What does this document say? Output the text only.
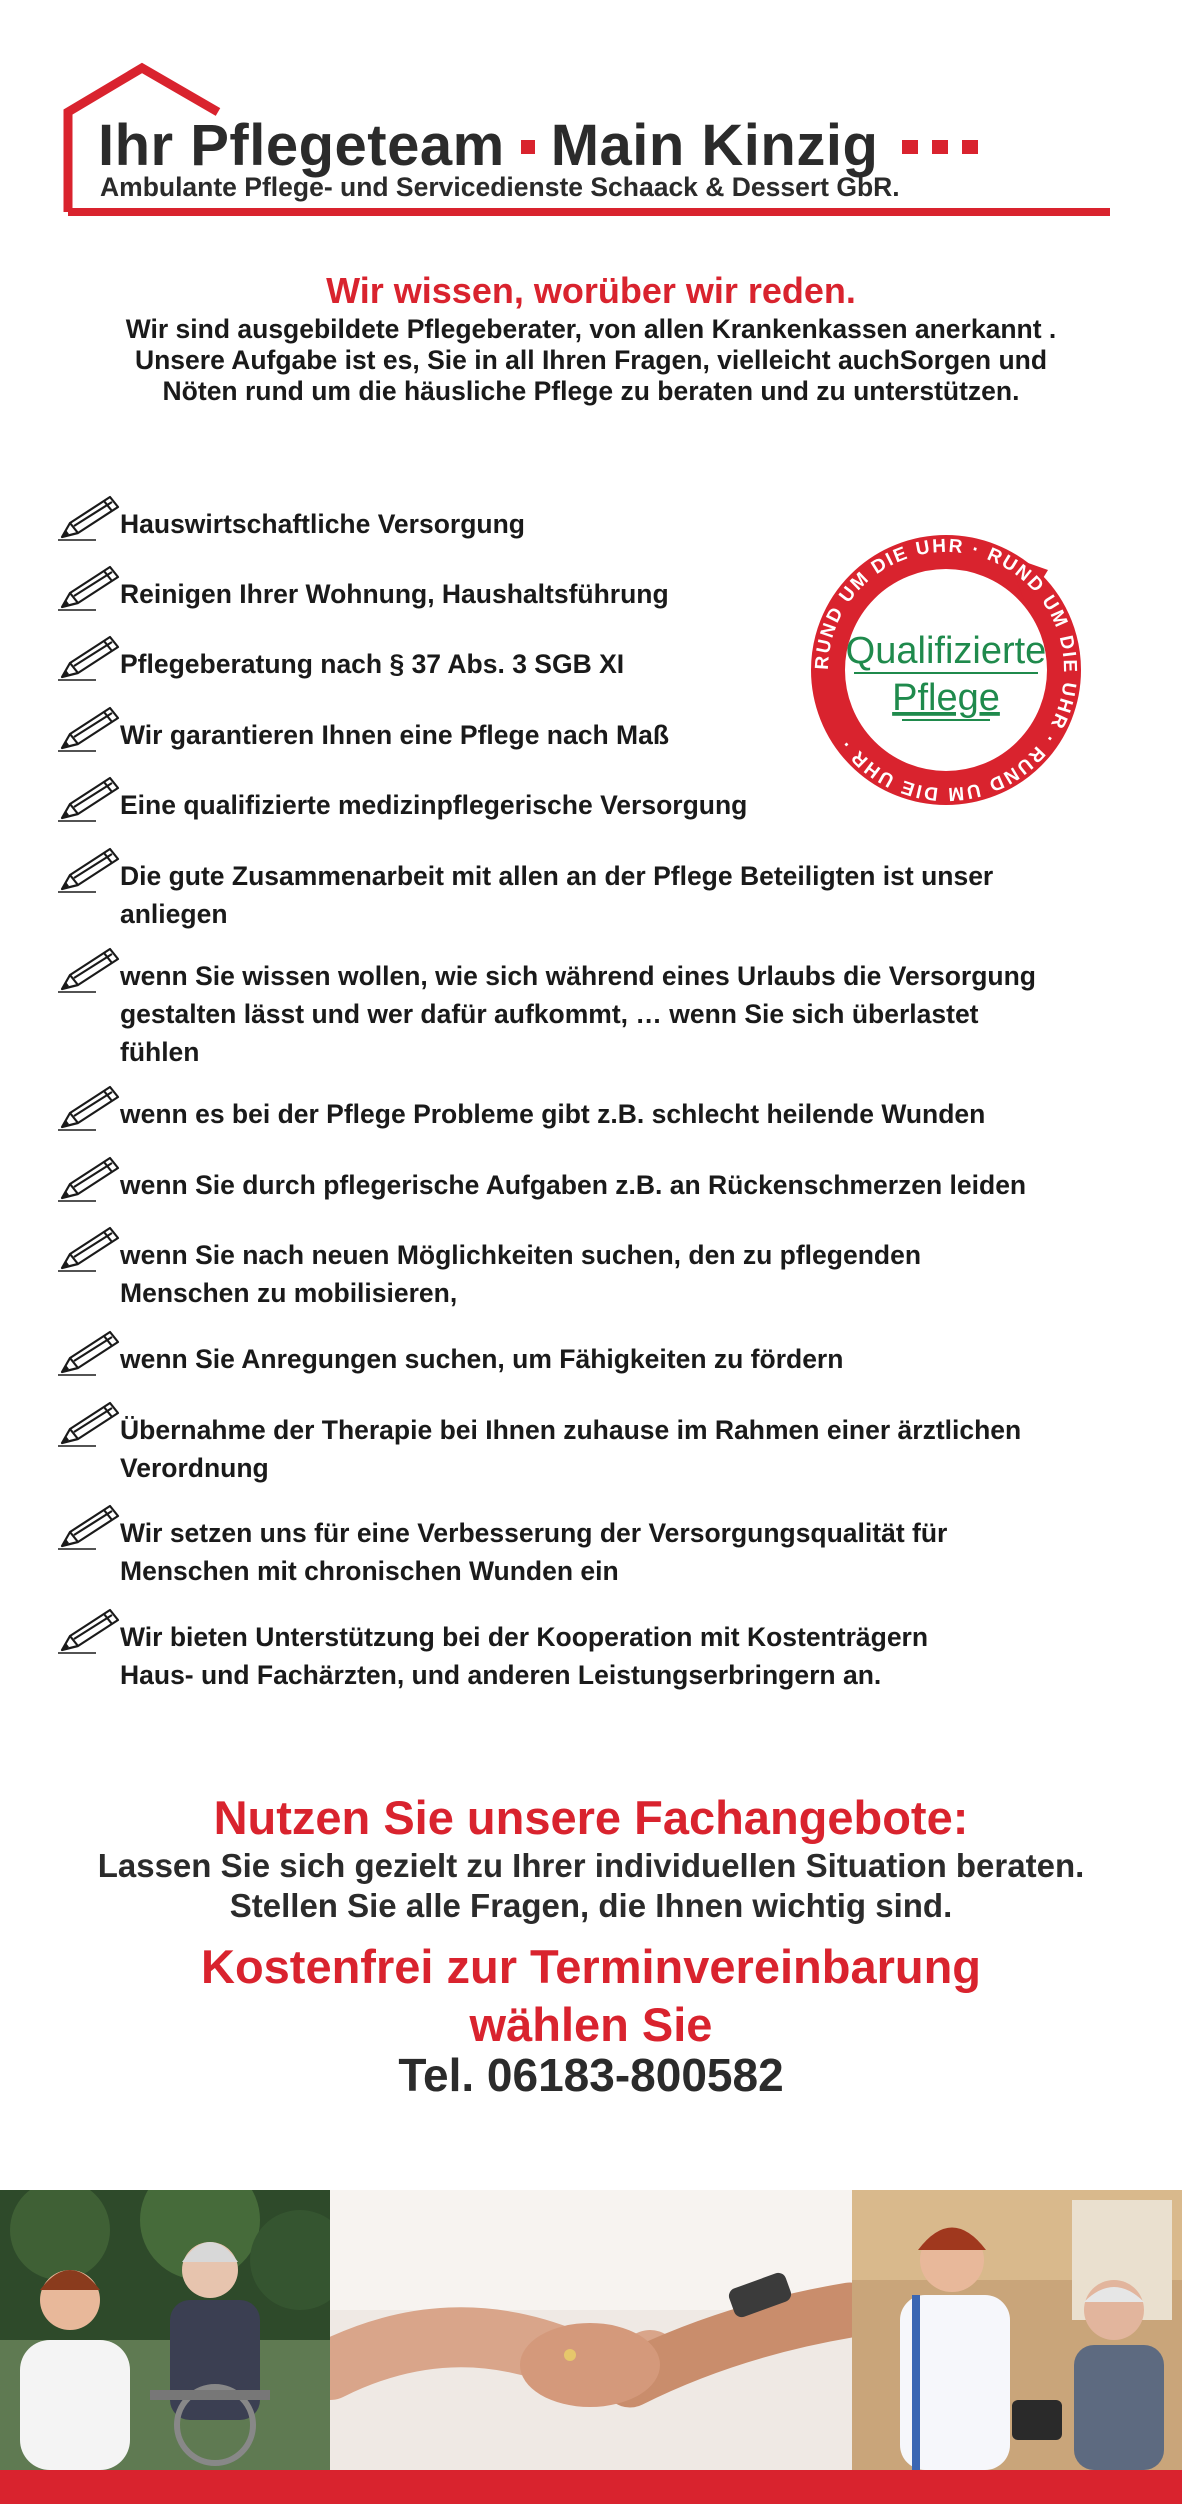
Ihr Pflegeteam Main Kinzig
Ambulante Pflege- und Servicedienste Schaack & Dessert GbR.
Wir wissen, worüber wir reden.
Wir sind ausgebildete Pflegeberater, von allen Krankenkassen anerkannt .
Unsere Aufgabe ist es, Sie in all Ihren Fragen, vielleicht auchSorgen und
Nöten rund um die häusliche Pflege zu beraten und zu unterstützen.
Hauswirtschaftliche Versorgung
Reinigen Ihrer Wohnung, Haushaltsführung
Pflegeberatung nach § 37 Abs. 3 SGB XI
Wir garantieren Ihnen eine Pflege nach Maß
Eine qualifizierte medizinpflegerische Versorgung
Die gute Zusammenarbeit mit allen an der Pflege Beteiligten ist unser
anliegen
wenn Sie wissen wollen, wie sich während eines Urlaubs die Versorgung
gestalten lässt und wer dafür aufkommt, … wenn Sie sich überlastet
fühlen
wenn es bei der Pflege Probleme gibt z.B. schlecht heilende Wunden
wenn Sie durch pflegerische Aufgaben z.B. an Rückenschmerzen leiden
wenn Sie nach neuen Möglichkeiten suchen, den zu pflegenden
Menschen zu mobilisieren,
wenn Sie Anregungen suchen, um Fähigkeiten zu fördern
Übernahme der Therapie bei Ihnen zuhause im Rahmen einer ärztlichen
Verordnung
Wir setzen uns für eine Verbesserung der Versorgungsqualität für
Menschen mit chronischen Wunden ein
Wir bieten Unterstützung bei der Kooperation mit Kostenträgern
Haus- und Fachärzten, und anderen Leistungserbringern an.
RUND UM DIE UHR · RUND UM DIE UHR · RUND UM DIE UHR ·
Qualifizierte
Pflege
Nutzen Sie unsere Fachangebote:
Lassen Sie sich gezielt zu Ihrer individuellen Situation beraten.
Stellen Sie alle Fragen, die Ihnen wichtig sind.
Kostenfrei zur Terminvereinbarung
wählen Sie
Tel. 06183-800582
